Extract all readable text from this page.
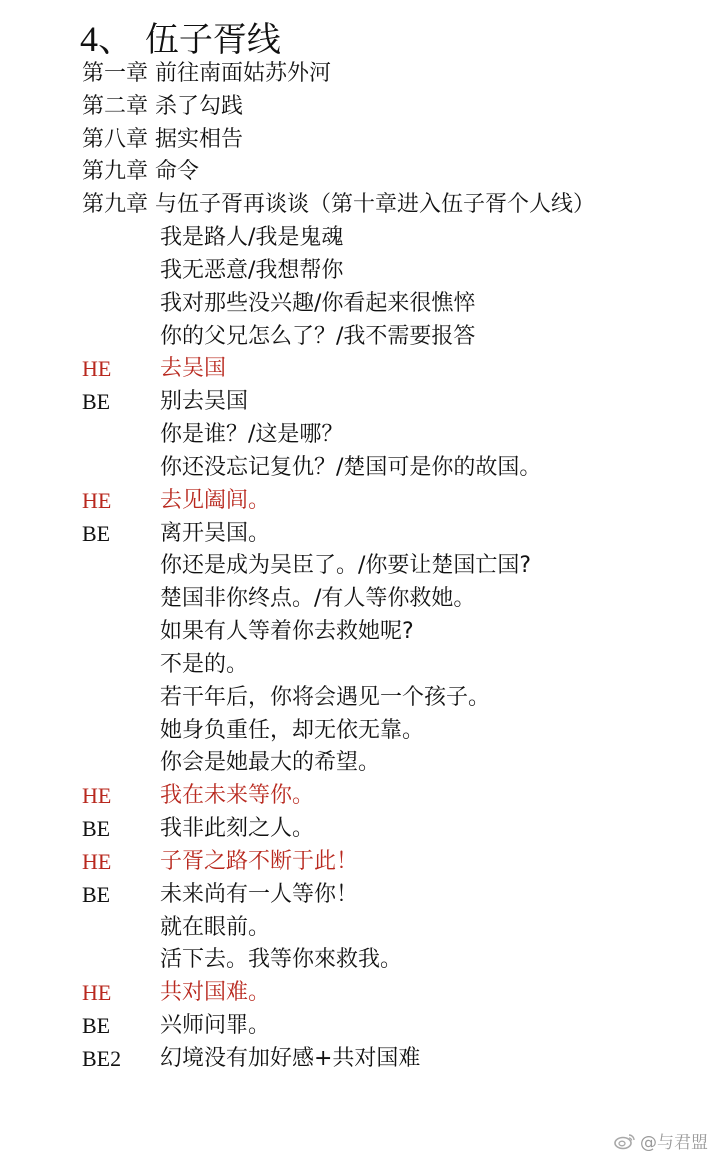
4、 伍子胥线
第一章 前往南面姑苏外河
第二章 杀了勾践
第八章 据实相告
第九章 命令
第九章 与伍子胥再谈谈（第十章进入伍子胥个人线）
我是路人/我是鬼魂
我无恶意/我想帮你
我对那些没兴趣/你看起来很憔悴
你的父兄怎么了？/我不需要报答
HE 去吴国
BE 别去吴国
你是谁？/这是哪？
你还没忘记复仇？/楚国可是你的故国。
HE 去见阖闾。
BE 离开吴国。
你还是成为吴臣了。/你要让楚国亡国?
楚国非你终点。/有人等你救她。
如果有人等着你去救她呢?
不是的。
若干年后，你将会遇见一个孩子。
她身负重任，却无依无靠。
你会是她最大的希望。
HE 我在未来等你。
BE 我非此刻之人。
HE 子胥之路不断于此！
BE 未来尚有一人等你！
就在眼前。
活下去。我等你來救我。
HE 共对国难。
BE 兴师问罪。
BE2 幻境没有加好感+共对国难
@与君盟
